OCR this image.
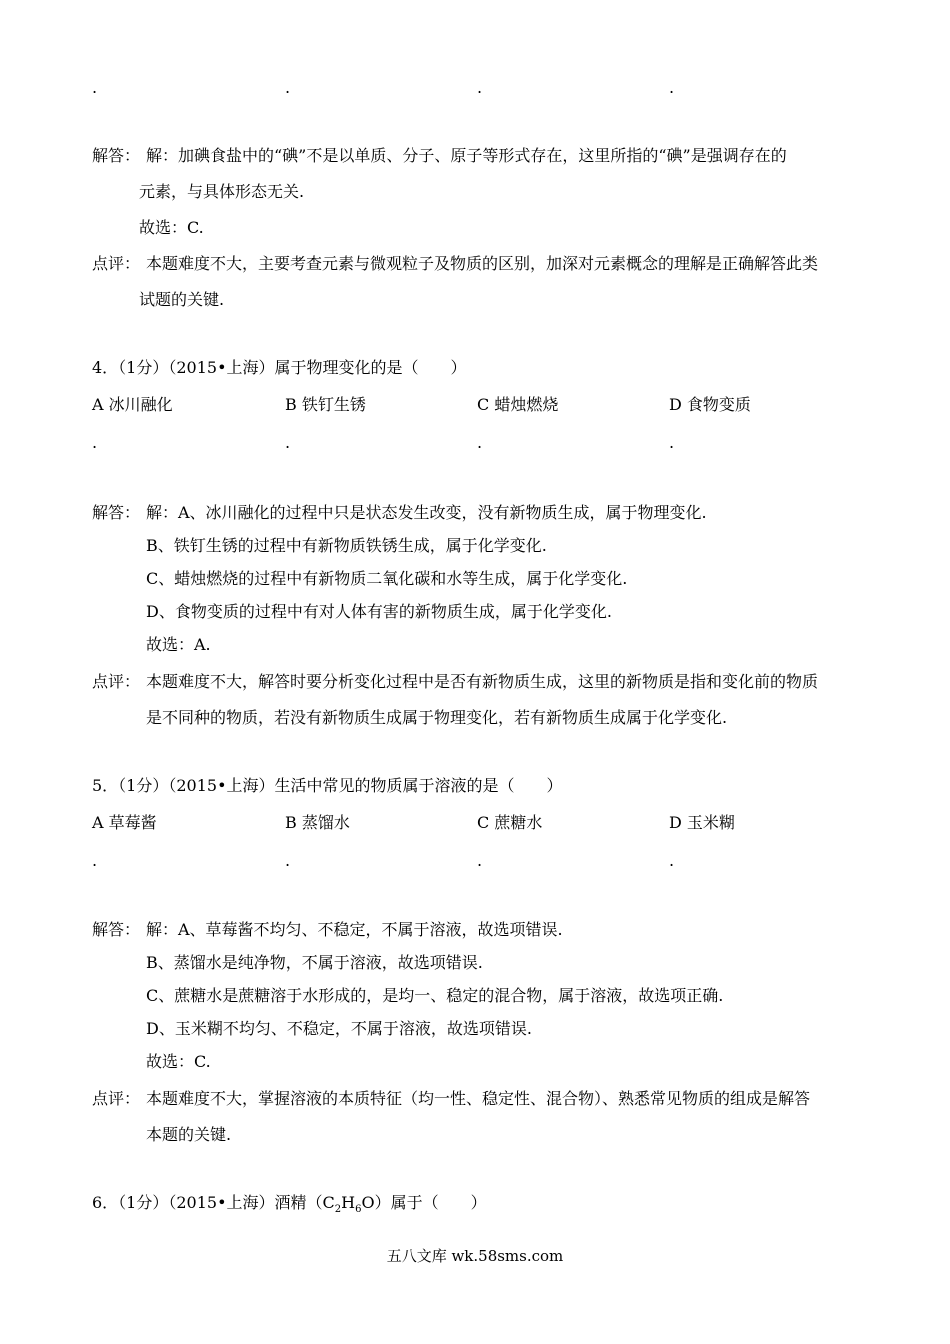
.	.	.	.
解答： 解：加碘食盐中的“碘”不是以单质、分子、原子等形式存在，这里所指的“碘”是强调存在的
元素，与具体形态无关.
故选：C.
点评： 本题难度不大，主要考查元素与微观粒子及物质的区别，加深对元素概念的理解是正确解答此类
试题的关键.
4．（1分）（2015•上海）属于物理变化的是（　　）
A 冰川融化	B 铁钉生锈	C 蜡烛燃烧	D 食物变质
.	.	.	.
解答： 解：A、冰川融化的过程中只是状态发生改变，没有新物质生成，属于物理变化.
B、铁钉生锈的过程中有新物质铁锈生成，属于化学变化.
C、蜡烛燃烧的过程中有新物质二氧化碳和水等生成，属于化学变化.
D、食物变质的过程中有对人体有害的新物质生成，属于化学变化.
故选：A.
点评： 本题难度不大，解答时要分析变化过程中是否有新物质生成，这里的新物质是指和变化前的物质
是不同种的物质，若没有新物质生成属于物理变化，若有新物质生成属于化学变化.
5．（1分）（2015•上海）生活中常见的物质属于溶液的是（　　）
A 草莓酱	B 蒸馏水	C 蔗糖水	D 玉米糊
.	.	.	.
解答： 解：A、草莓酱不均匀、不稳定，不属于溶液，故选项错误.
B、蒸馏水是纯净物，不属于溶液，故选项错误.
C、蔗糖水是蔗糖溶于水形成的，是均一、稳定的混合物，属于溶液，故选项正确.
D、玉米糊不均匀、不稳定，不属于溶液，故选项错误.
故选：C.
点评： 本题难度不大，掌握溶液的本质特征（均一性、稳定性、混合物）、熟悉常见物质的组成是解答
本题的关键.
6．（1分）（2015•上海）酒精$(C_2H_6O)$属于（　　）
五八文库 wk.58sms.com
